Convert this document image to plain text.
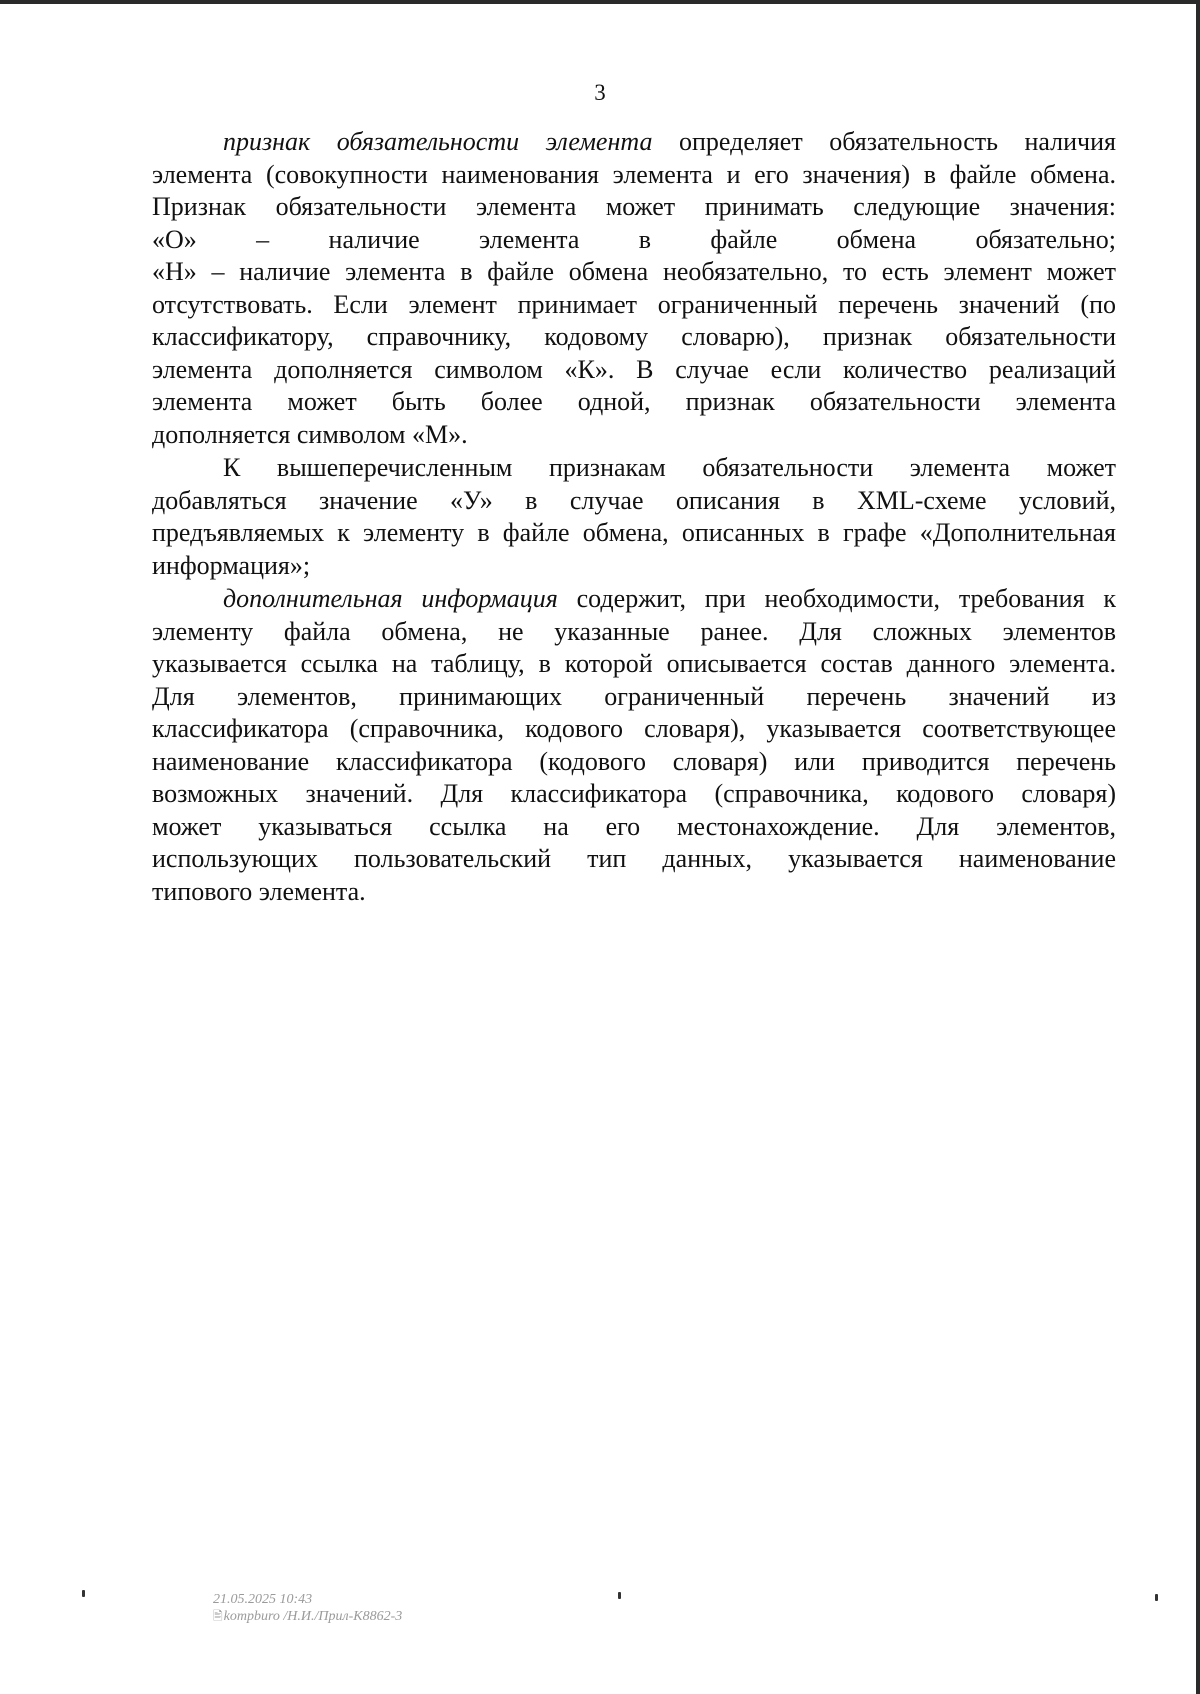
3
признак обязательности элемента определяет обязательность наличия
элемента (совокупности наименования элемента и его значения) в файле обмена.
Признак обязательности элемента может принимать следующие значения:
«О» – наличие элемента в файле обмена обязательно;
«Н» – наличие элемента в файле обмена необязательно, то есть элемент может
отсутствовать. Если элемент принимает ограниченный перечень значений (по
классификатору, справочнику, кодовому словарю), признак обязательности
элемента дополняется символом «К». В случае если количество реализаций
элемента может быть более одной, признак обязательности элемента
дополняется символом «М».
К вышеперечисленным признакам обязательности элемента может
добавляться значение «У» в случае описания в XML-схеме условий,
предъявляемых к элементу в файле обмена, описанных в графе «Дополнительная
информация»;
дополнительная информация содержит, при необходимости, требования к
элементу файла обмена, не указанные ранее. Для сложных элементов
указывается ссылка на таблицу, в которой описывается состав данного элемента.
Для элементов, принимающих ограниченный перечень значений из
классификатора (справочника, кодового словаря), указывается соответствующее
наименование классификатора (кодового словаря) или приводится перечень
возможных значений. Для классификатора (справочника, кодового словаря)
может указываться ссылка на его местонахождение. Для элементов,
использующих пользовательский тип данных, указывается наименование
типового элемента.
21.05.2025 10:43
🖹kompburo /Н.И./Прил-К8862-3
